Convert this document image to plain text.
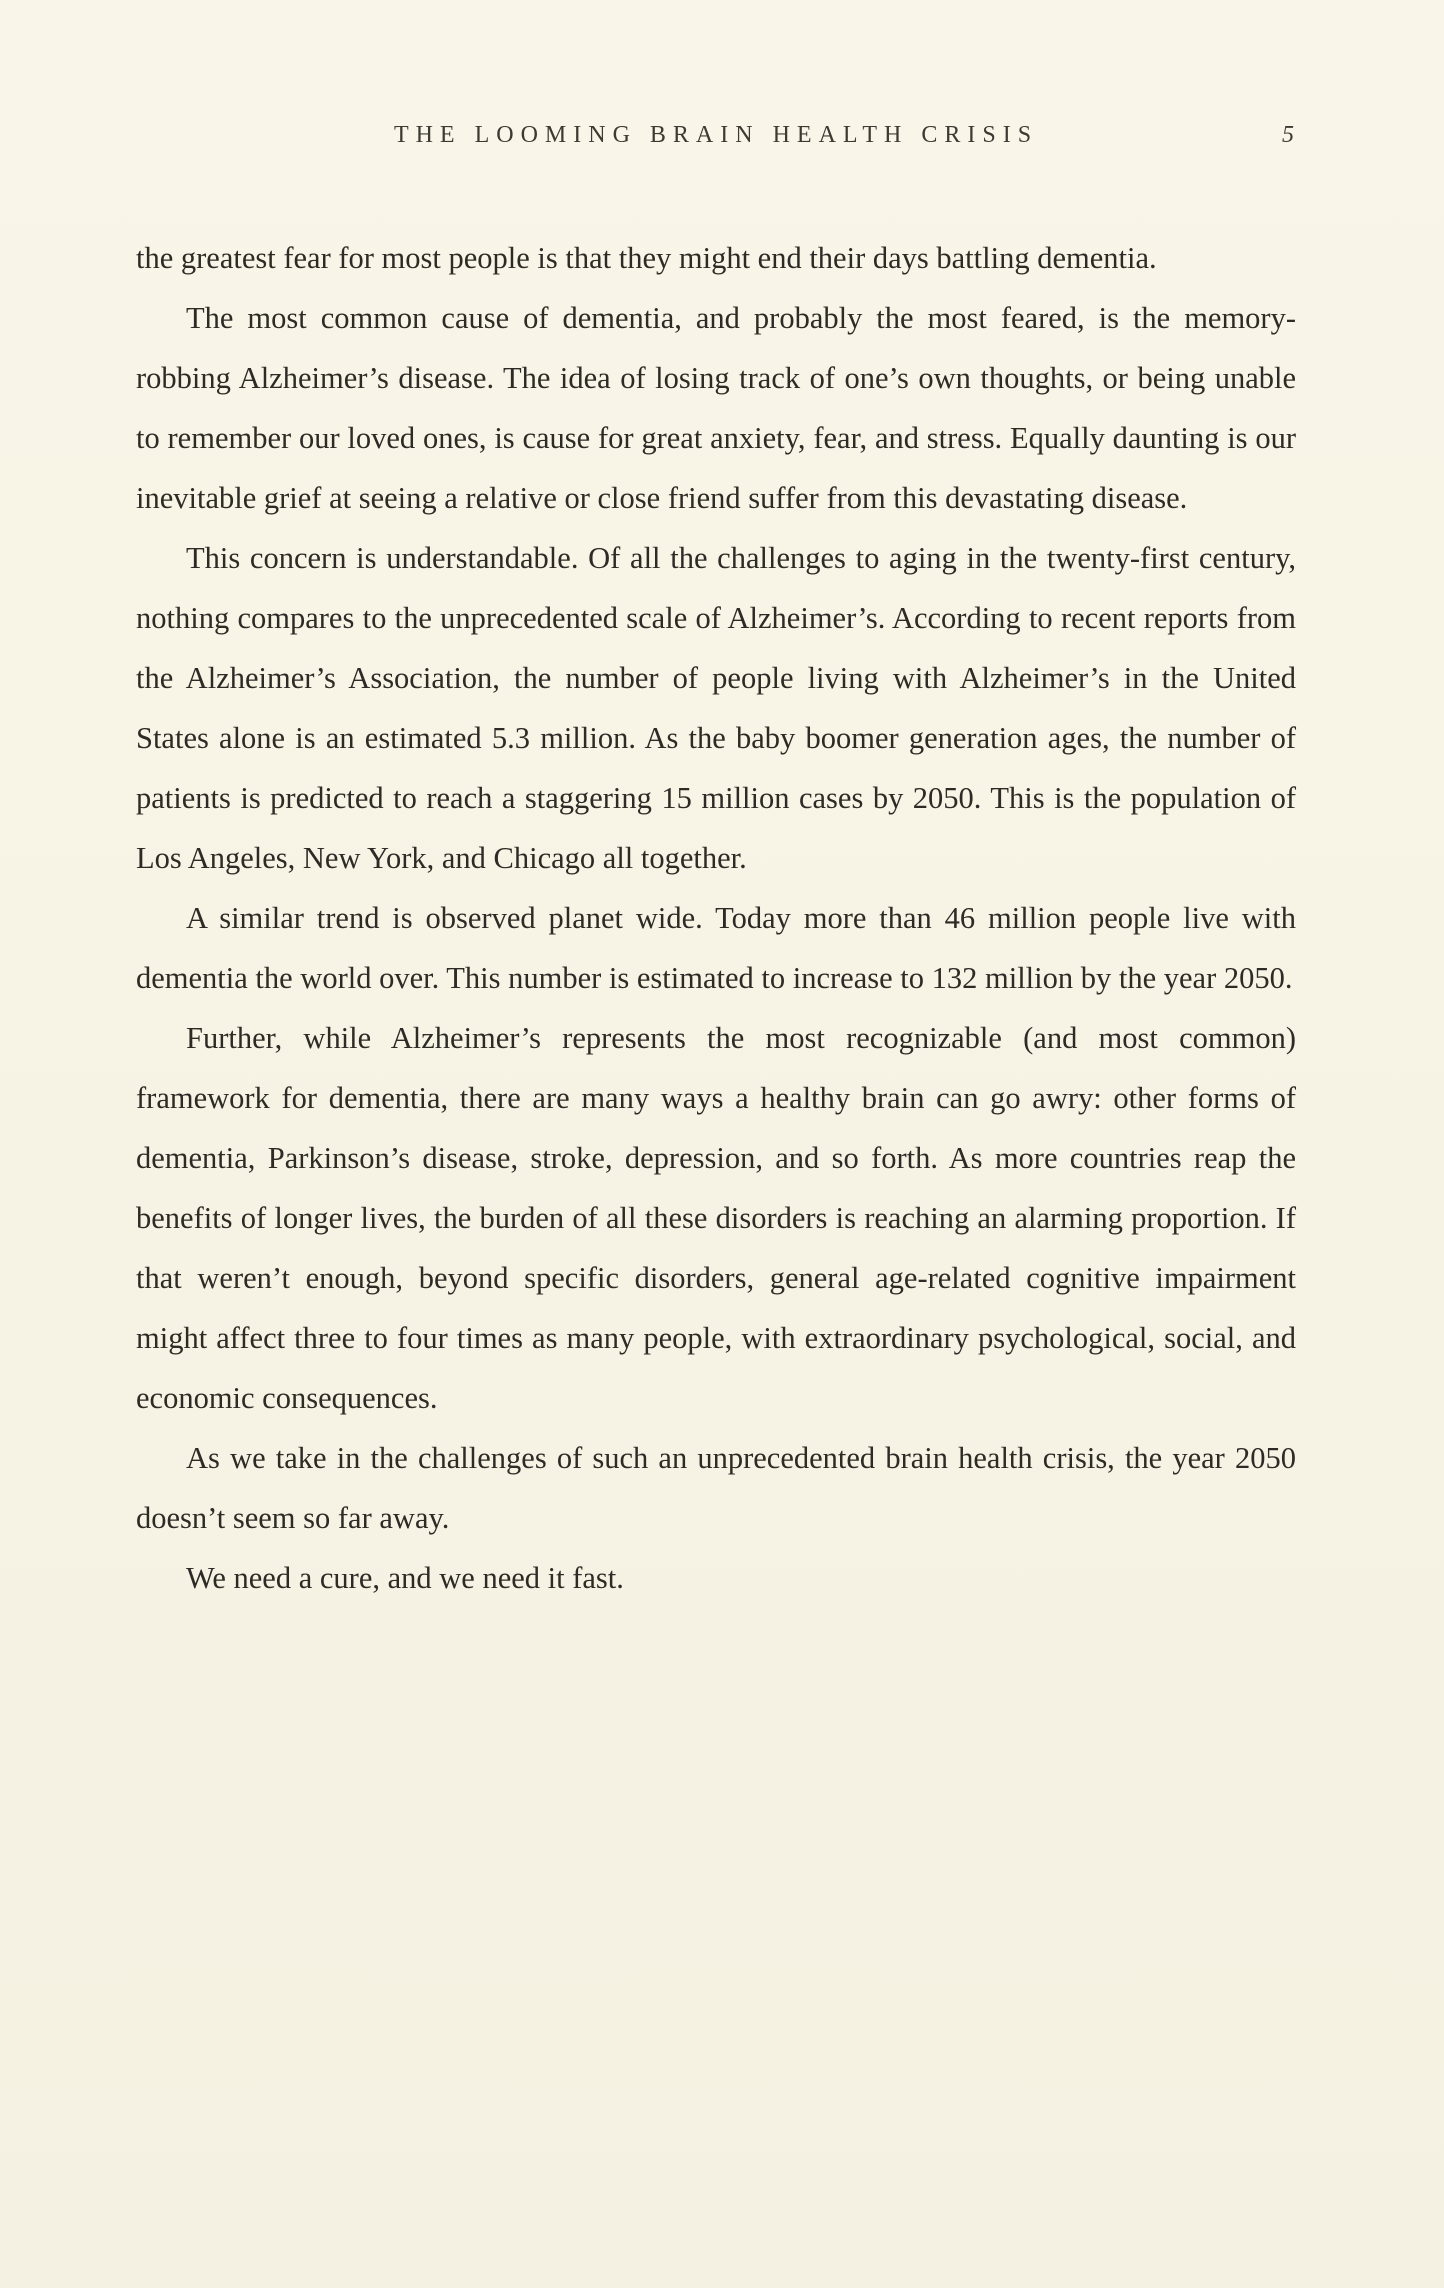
THE LOOMING BRAIN HEALTH CRISIS	5

the greatest fear for most people is that they might end their days battling dementia.

The most common cause of dementia, and probably the most feared, is the memory-robbing Alzheimer’s disease. The idea of losing track of one’s own thoughts, or being unable to remember our loved ones, is cause for great anxiety, fear, and stress. Equally daunting is our inevitable grief at seeing a relative or close friend suffer from this devastating disease.

This concern is understandable. Of all the challenges to aging in the twenty-first century, nothing compares to the unprecedented scale of Alzheimer’s. According to recent reports from the Alzheimer’s Association, the number of people living with Alzheimer’s in the United States alone is an estimated 5.3 million. As the baby boomer generation ages, the number of patients is predicted to reach a staggering 15 million cases by 2050. This is the population of Los Angeles, New York, and Chicago all together.

A similar trend is observed planet wide. Today more than 46 million people live with dementia the world over. This number is estimated to increase to 132 million by the year 2050.

Further, while Alzheimer’s represents the most recognizable (and most common) framework for dementia, there are many ways a healthy brain can go awry: other forms of dementia, Parkinson’s disease, stroke, depression, and so forth. As more countries reap the benefits of longer lives, the burden of all these disorders is reaching an alarming proportion. If that weren’t enough, beyond specific disorders, general age-related cognitive impairment might affect three to four times as many people, with extraordinary psychological, social, and economic consequences.

As we take in the challenges of such an unprecedented brain health crisis, the year 2050 doesn’t seem so far away.

We need a cure, and we need it fast.
